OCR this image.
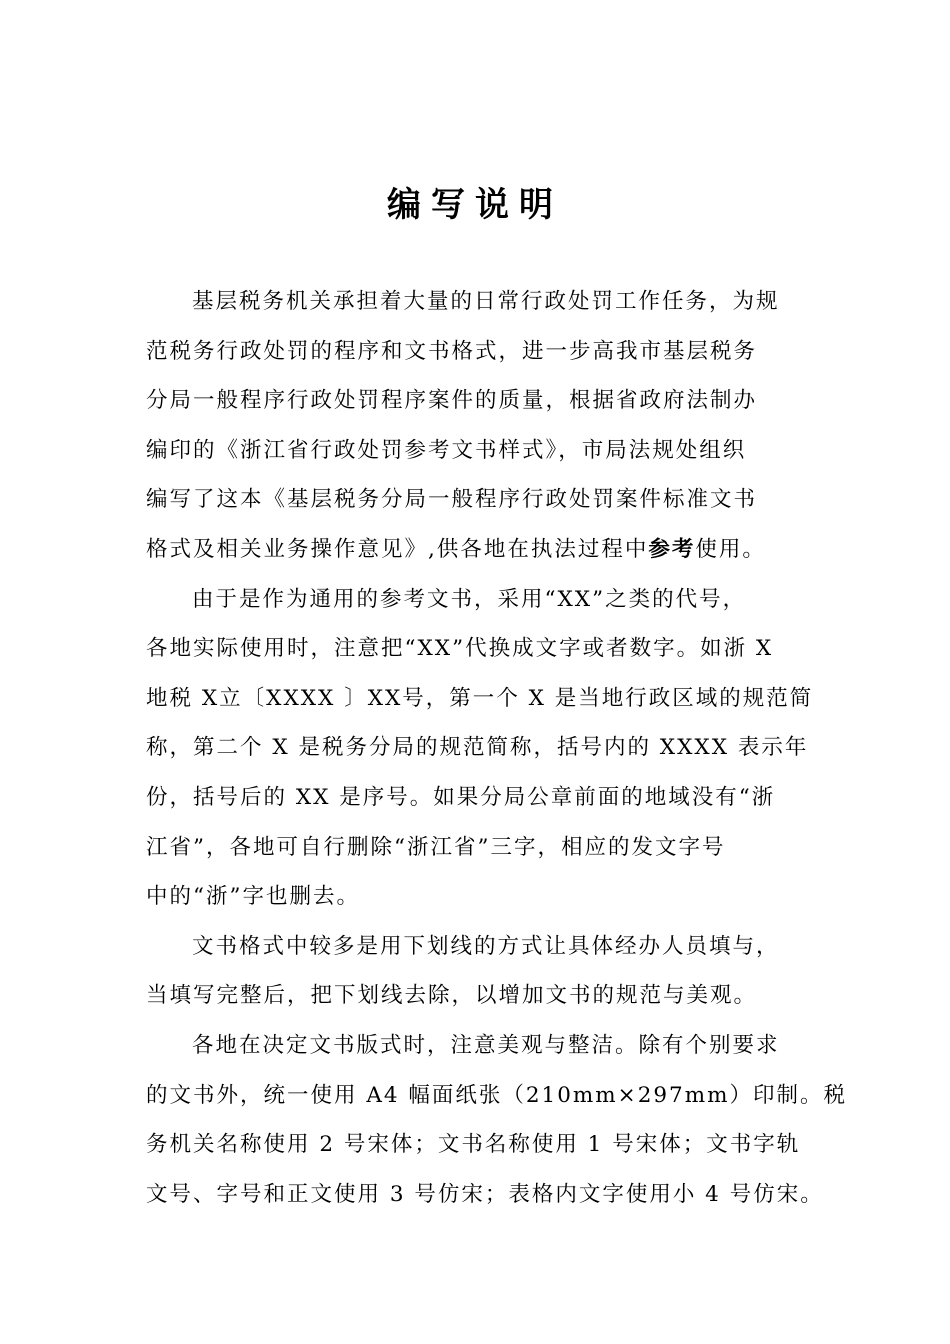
编写说明
基层税务机关承担着大量的日常行政处罚工作任务，为规
范税务行政处罚的程序和文书格式，进一步高我市基层税务
分局一般程序行政处罚程序案件的质量，根据省政府法制办
编印的《浙江省行政处罚参考文书样式》，市局法规处组织
编写了这本《基层税务分局一般程序行政处罚案件标准文书
格式及相关业务操作意见》,供各地在执法过程中参考使用。
由于是作为通用的参考文书，采用“XX”之类的代号，
各地实际使用时，注意把“XX”代换成文字或者数字。如浙 X
地税 X立〔XXXX 〕XX号，第一个 X 是当地行政区域的规范简
称，第二个 X 是税务分局的规范简称，括号内的 XXXX 表示年
份，括号后的 XX 是序号。如果分局公章前面的地域没有“浙
江省”，各地可自行删除“浙江省”三字，相应的发文字号
中的“浙”字也删去。
文书格式中较多是用下划线的方式让具体经办人员填与，
当填写完整后，把下划线去除，以增加文书的规范与美观。
各地在决定文书版式时，注意美观与整洁。除有个别要求
的文书外，统一使用 A4 幅面纸张（210mm×297mm）印制。税
务机关名称使用 2 号宋体；文书名称使用 1 号宋体；文书字轨
文号、字号和正文使用 3 号仿宋；表格内文字使用小 4 号仿宋。
